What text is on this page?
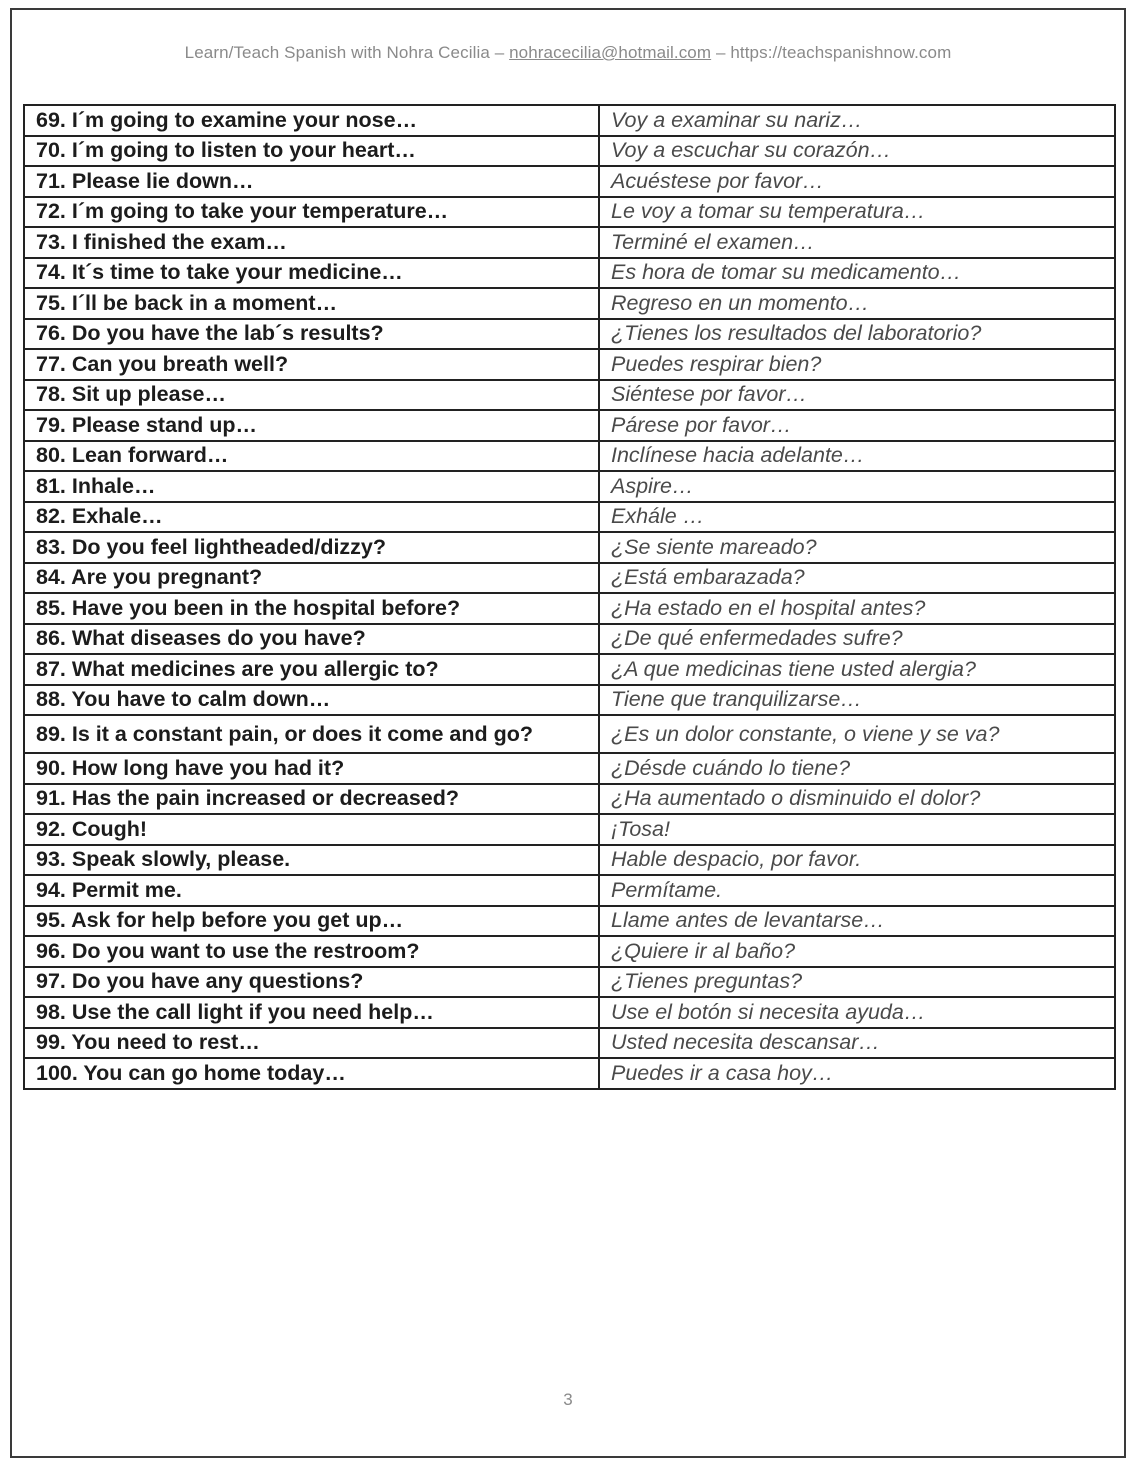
Learn/Teach Spanish with Nohra Cecilia – nohracecilia@hotmail.com – https://teachspanishnow.com
69. I´m going to examine your nose…	Voy a examinar su nariz…
70. I´m going to listen to your heart…	Voy a escuchar su corazón…
71. Please lie down…	Acuéstese por favor…
72. I´m going to take your temperature…	Le voy a tomar su temperatura…
73. I finished the exam…	Terminé el examen…
74. It´s time to take your medicine…	Es hora de tomar su medicamento…
75. I´ll be back in a moment…	Regreso en un momento…
76. Do you have the lab´s results?	¿Tienes los resultados del laboratorio?
77. Can you breath well?	Puedes respirar bien?
78. Sit up please…	Siéntese por favor…
79. Please stand up…	Párese por favor…
80. Lean forward…	Inclínese hacia adelante…
81. Inhale…	Aspire…
82. Exhale…	Exhále …
83. Do you feel lightheaded/dizzy?	¿Se siente mareado?
84. Are you pregnant?	¿Está embarazada?
85. Have you been in the hospital before?	¿Ha estado en el hospital antes?
86. What diseases do you have?	¿De qué enfermedades sufre?
87. What medicines are you allergic to?	¿A que medicinas tiene usted alergia?
88. You have to calm down…	Tiene que tranquilizarse…
89. Is it a constant pain, or does it come and go?	¿Es un dolor constante, o viene y se va?
90. How long have you had it?	¿Désde cuándo lo tiene?
91. Has the pain increased or decreased?	¿Ha aumentado o disminuido el dolor?
92. Cough!	¡Tosa!
93. Speak slowly, please.	Hable despacio, por favor.
94. Permit me.	Permítame.
95. Ask for help before you get up…	Llame antes de levantarse…
96. Do you want to use the restroom?	¿Quiere ir al baño?
97. Do you have any questions?	¿Tienes preguntas?
98. Use the call light if you need help…	Use el botón si necesita ayuda…
99. You need to rest…	Usted necesita descansar…
100. You can go home today…	Puedes ir a casa hoy…
3
